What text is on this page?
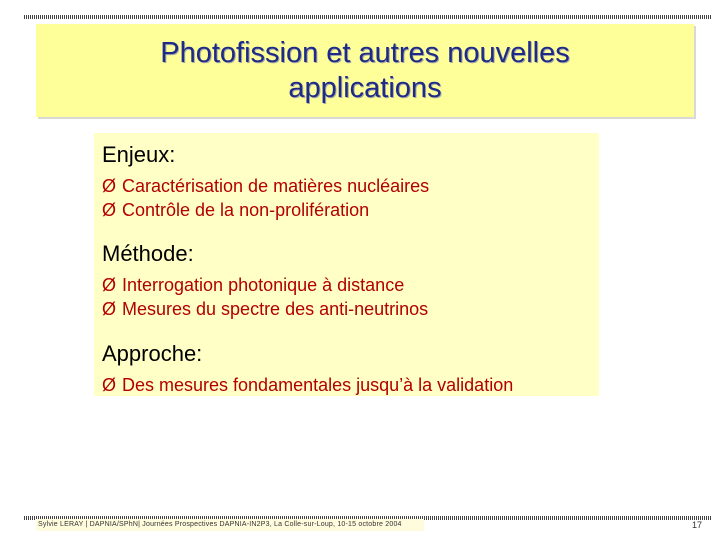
Photofission et autres nouvelles
applications
Enjeux:
Ø Caractérisation de matières nucléaires
Ø Contrôle de la non-prolifération
Méthode:
Ø Interrogation photonique à distance
Ø Mesures du spectre des anti-neutrinos
Approche:
Ø Des mesures fondamentales jusqu’à la validation
Sylvie LERAY | DAPNIA/SPhN| Journées Prospectives DAPNIA-IN2P3, La Colle-sur-Loup, 10-15 octobre 2004	17
